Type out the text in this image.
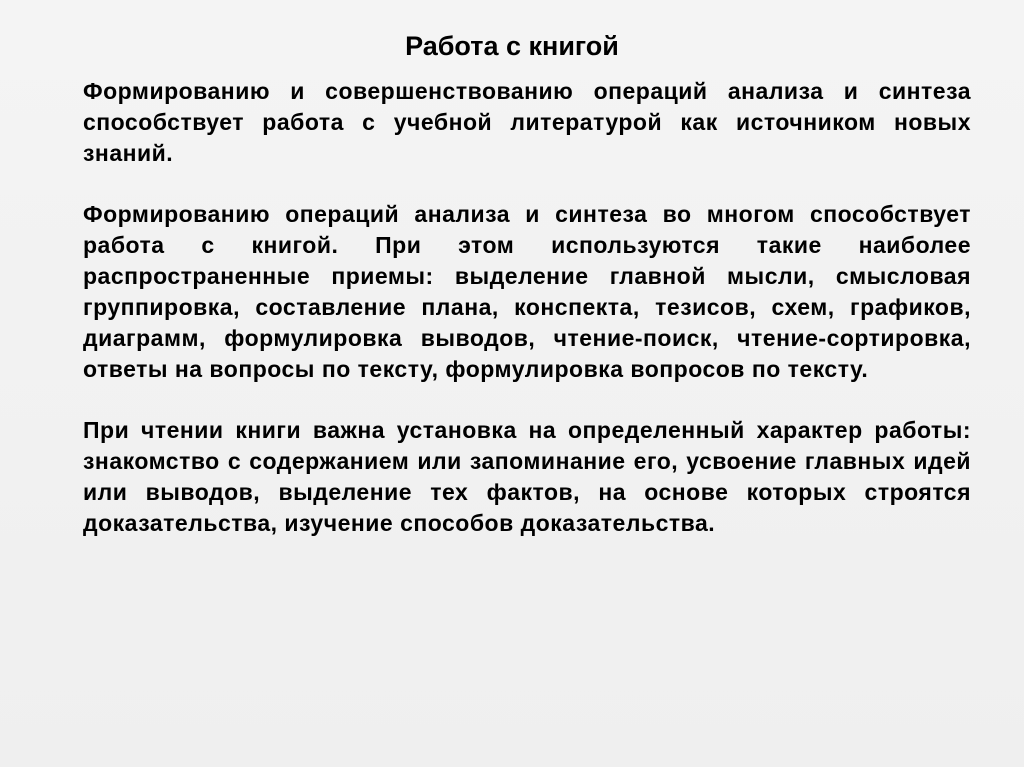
Работа с книгой

Формированию и совершенствованию операций анализа и синтеза способствует работа с учебной литературой как источником новых знаний.

Формированию операций анализа и синтеза во многом способствует работа с книгой. При этом используются такие наиболее распространенные приемы: выделение главной мысли, смысловая группировка, составление плана, конспекта, тезисов, схем, графиков, диаграмм, формулировка выводов, чтение-поиск, чтение-сортировка, ответы на вопросы по тексту, формулировка вопросов по тексту.

При чтении книги важна установка на определенный характер работы: знакомство с содержанием или запоминание его, усвоение главных идей или выводов, выделение тех фактов, на основе которых строятся доказательства, изучение способов доказательства.
